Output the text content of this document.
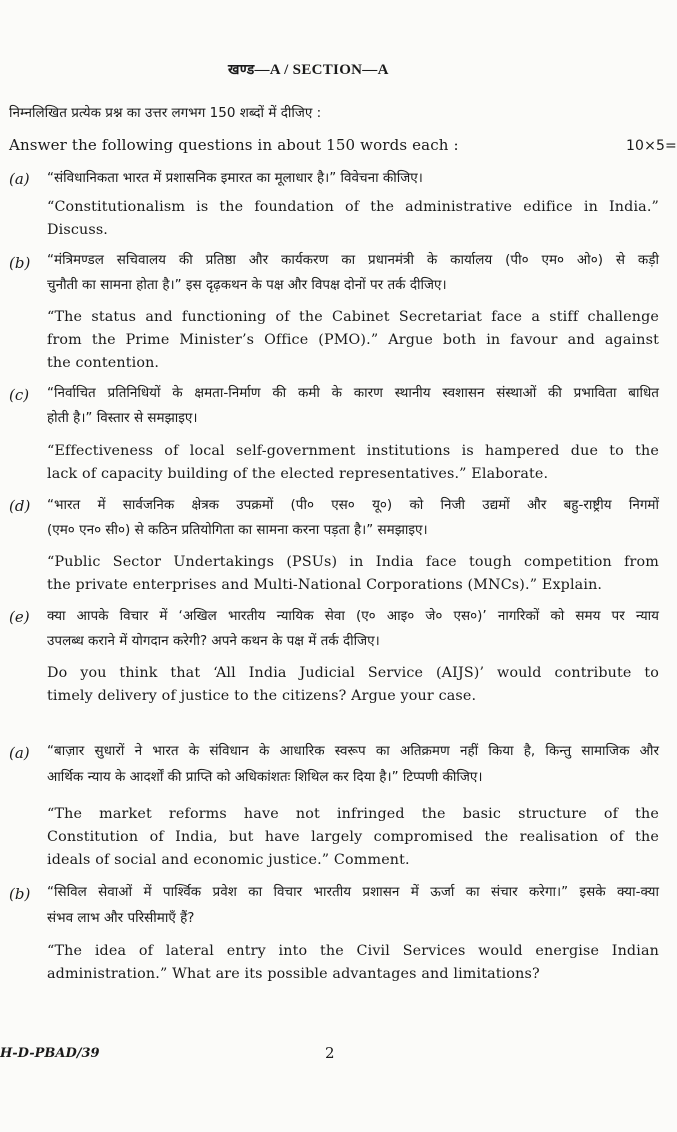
खण्ड—A / SECTION—A
निम्नलिखित प्रत्येक प्रश्न का उत्तर लगभग 150 शब्दों में दीजिए :
Answer the following questions in about 150 words each :	10×5=
(a) “संविधानिकता भारत में प्रशासनिक इमारत का मूलाधार है।” विवेचना कीजिए।
“Constitutionalism is the foundation of the administrative edifice in India.”
Discuss.
(b) “मंत्रिमण्डल सचिवालय की प्रतिष्ठा और कार्यकरण का प्रधानमंत्री के कार्यालय (पी० एम० ओ०) से कड़ी
चुनौती का सामना होता है।” इस दृढ़कथन के पक्ष और विपक्ष दोनों पर तर्क दीजिए।
“The status and functioning of the Cabinet Secretariat face a stiff challenge
from the Prime Minister’s Office (PMO).” Argue both in favour and against
the contention.
(c) “निर्वाचित प्रतिनिधियों के क्षमता-निर्माण की कमी के कारण स्थानीय स्वशासन संस्थाओं की प्रभाविता बाधित
होती है।” विस्तार से समझाइए।
“Effectiveness of local self-government institutions is hampered due to the
lack of capacity building of the elected representatives.” Elaborate.
(d) “भारत में सार्वजनिक क्षेत्रक उपक्रमों (पी० एस० यू०) को निजी उद्यमों और बहु-राष्ट्रीय निगमों
(एम० एन० सी०) से कठिन प्रतियोगिता का सामना करना पड़ता है।” समझाइए।
“Public Sector Undertakings (PSUs) in India face tough competition from
the private enterprises and Multi-National Corporations (MNCs).” Explain.
(e) क्या आपके विचार में ‘अखिल भारतीय न्यायिक सेवा (ए० आइ० जे० एस०)’ नागरिकों को समय पर न्याय
उपलब्ध कराने में योगदान करेगी? अपने कथन के पक्ष में तर्क दीजिए।
Do you think that ‘All India Judicial Service (AIJS)’ would contribute to
timely delivery of justice to the citizens? Argue your case.
(a) “बाज़ार सुधारों ने भारत के संविधान के आधारिक स्वरूप का अतिक्रमण नहीं किया है, किन्तु सामाजिक और
आर्थिक न्याय के आदर्शों की प्राप्ति को अधिकांशतः शिथिल कर दिया है।” टिप्पणी कीजिए।
“The market reforms have not infringed the basic structure of the
Constitution of India, but have largely compromised the realisation of the
ideals of social and economic justice.” Comment.
(b) “सिविल सेवाओं में पार्श्विक प्रवेश का विचार भारतीय प्रशासन में ऊर्जा का संचार करेगा।” इसके क्या-क्या
संभव लाभ और परिसीमाएँ हैं?
“The idea of lateral entry into the Civil Services would energise Indian
administration.” What are its possible advantages and limitations?
H-D-PBAD/39	2
